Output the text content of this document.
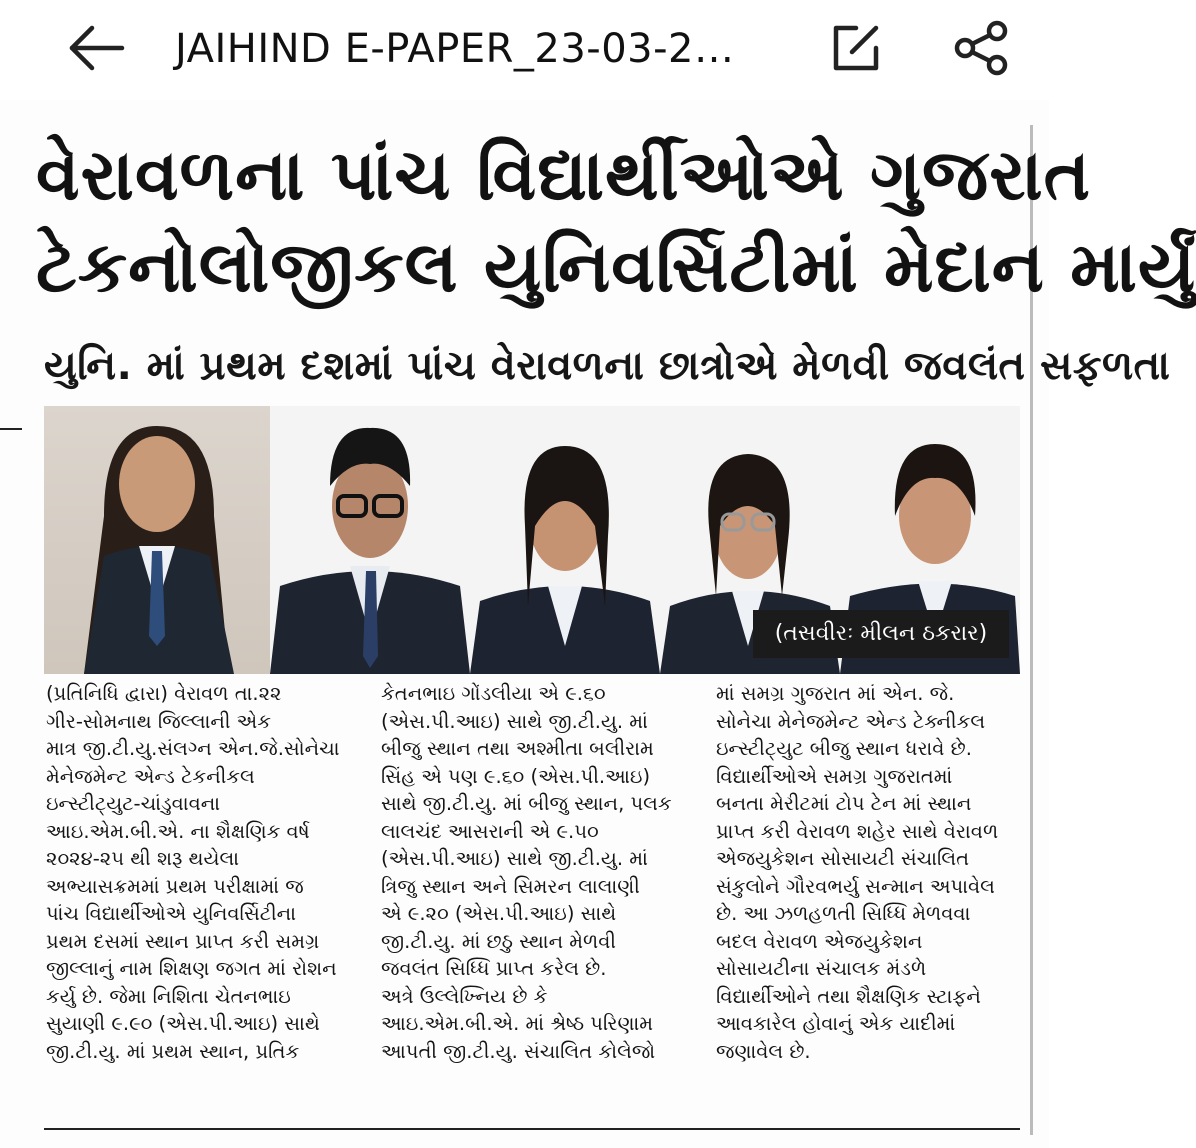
JAIHIND E-PAPER_23-03-2…
વેરાવળના પાંચ વિદ્યાર્થીઓએ ગુજરાત
ટેકનોલોજીકલ યુનિવર્સિટીમાં મેદાન માર્યું
યુનિ. માં પ્રથમ દશમાં પાંચ વેરાવળના છાત્રોએ મેળવી જવલંત સફળતા
(તસવીરઃ મીલન ઠકરાર)
(પ્રતિનિધિ દ્વારા) વેરાવળ તા.૨૨
ગીર-સોમનાથ જિલ્લાની એક
માત્ર જી.ટી.યુ.સંલગ્ન એન.જે.સોનેચા
મેનેજમેન્ટ એન્ડ ટેકનીકલ
ઇન્સ્ટીટ્યુટ-ચાંડુવાવના
આઇ.એમ.બી.એ. ના શૈક્ષણિક વર્ષ
૨૦૨૪-૨૫ થી શરૂ થયેલા
અભ્યાસક્રમમાં પ્રથમ પરીક્ષામાં જ
પાંચ વિદ્યાર્થીઓએ યુનિવર્સિટીના
પ્રથમ દસમાં સ્થાન પ્રાપ્ત કરી સમગ્ર
જીલ્લાનું નામ શિક્ષણ જગત માં રોશન
કર્યુ છે. જેમા નિશિતા ચેતનભાઇ
સુયાણી ૯.૯૦ (એસ.પી.આઇ) સાથે
જી.ટી.યુ. માં પ્રથમ સ્થાન, પ્રતિક
કેતનભાઇ ગોંડલીયા એ ૯.૬૦
(એસ.પી.આઇ) સાથે જી.ટી.યુ. માં
બીજુ સ્થાન તથા અશ્મીતા બલીરામ
સિંહ એ પણ ૯.૬૦ (એસ.પી.આઇ)
સાથે જી.ટી.યુ. માં બીજુ સ્થાન, પલક
લાલચંદ આસરાની એ ૯.૫૦
(એસ.પી.આઇ) સાથે જી.ટી.યુ. માં
ત્રિજુ સ્થાન અને સિમરન લાલાણી
એ ૯.૨૦ (એસ.પી.આઇ) સાથે
જી.ટી.યુ. માં છઠુ સ્થાન મેળવી
જવલંત સિધ્ધિ પ્રાપ્ત કરેલ છે.
અત્રે ઉલ્લેખ્નિય છે કે
આઇ.એમ.બી.એ. માં શ્રેષ્ઠ પરિણામ
આપતી જી.ટી.યુ. સંચાલિત કોલેજો
માં સમગ્ર ગુજરાત માં એન. જે.
સોનેચા મેનેજમેન્ટ એન્ડ ટેક્નીકલ
ઇન્સ્ટીટ્યુટ બીજુ સ્થાન ધરાવે છે.
વિદ્યાર્થીઓએ સમગ્ર ગુજરાતમાં
બનતા મેરીટમાં ટોપ ટેન માં સ્થાન
પ્રાપ્ત કરી વેરાવળ શહેર સાથે વેરાવળ
એજયુકેશન સોસાયટી સંચાલિત
સંકુલોને ગૌરવભર્યુ સન્માન અપાવેલ
છે. આ ઝળહળતી સિધ્ધિ મેળવવા
બદલ વેરાવળ એજયુકેશન
સોસાયટીના સંચાલક મંડળે
વિદ્યાર્થીઓને તથા શૈક્ષણિક સ્ટાફને
આવકારેલ હોવાનું એક યાદીમાં
જણાવેલ છે.
